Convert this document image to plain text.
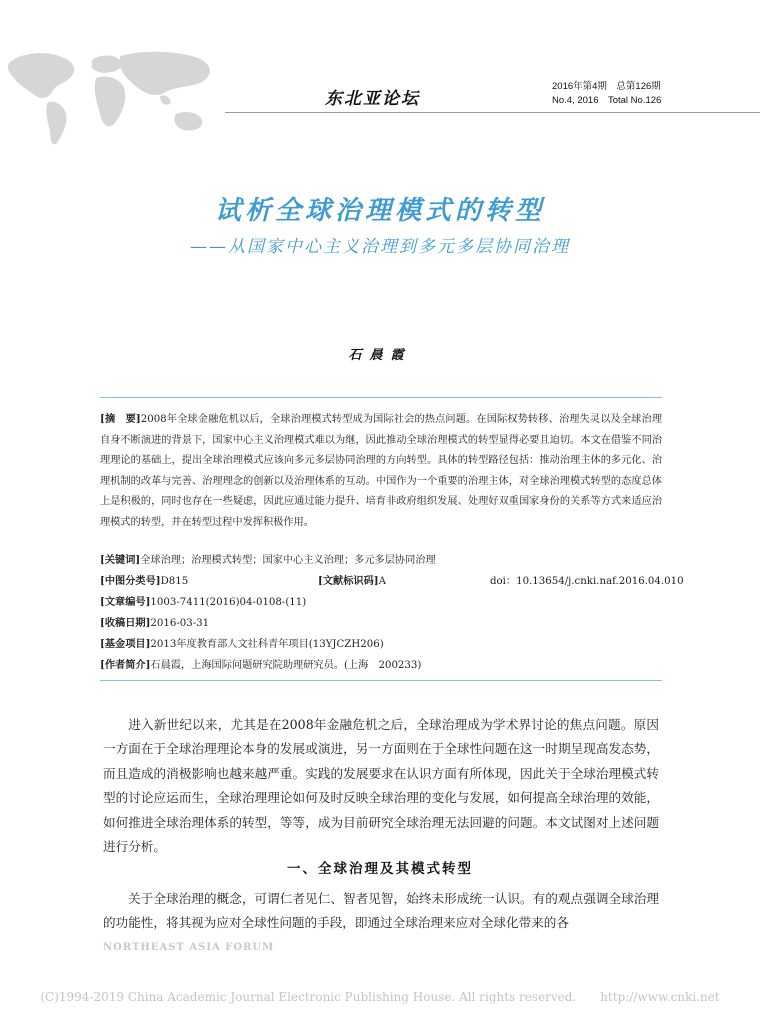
东北亚论坛
2016年第4期　总第126期
No.4, 2016　Total No.126
试析全球治理模式的转型
——从国家中心主义治理到多元多层协同治理
石晨霞
[摘　要]2008年全球金融危机以后，全球治理模式转型成为国际社会的热点问题。在国际权势转移、治理失灵以及全球治理自身不断演进的背景下，国家中心主义治理模式难以为继，因此推动全球治理模式的转型显得必要且迫切。本文在借鉴不同治理理论的基础上，提出全球治理模式应该向多元多层协同治理的方向转型。具体的转型路径包括：推动治理主体的多元化、治理机制的改革与完善、治理理念的创新以及治理体系的互动。中国作为一个重要的治理主体，对全球治理模式转型的态度总体上是积极的，同时也存在一些疑虑，因此应通过能力提升、培育非政府组织发展、处理好双重国家身份的关系等方式来适应治理模式的转型，并在转型过程中发挥积极作用。
[关键词]全球治理；治理模式转型；国家中心主义治理；多元多层协同治理
[中图分类号]D815	[文献标识码]A	doi：10.13654/j.cnki.naf.2016.04.010
[文章编号]1003-7411(2016)04-0108-(11)
[收稿日期]2016-03-31
[基金项目]2013年度教育部人文社科青年项目(13YJCZH206)
[作者简介]石晨霞，上海国际问题研究院助理研究员。(上海　200233)
进入新世纪以来，尤其是在2008年金融危机之后，全球治理成为学术界讨论的焦点问题。原因一方面在于全球治理理论本身的发展或演进，另一方面则在于全球性问题在这一时期呈现高发态势，而且造成的消极影响也越来越严重。实践的发展要求在认识方面有所体现，因此关于全球治理模式转型的讨论应运而生，全球治理理论如何及时反映全球治理的变化与发展，如何提高全球治理的效能，如何推进全球治理体系的转型，等等，成为目前研究全球治理无法回避的问题。本文试图对上述问题进行分析。
一、全球治理及其模式转型
关于全球治理的概念，可谓仁者见仁、智者见智，始终未形成统一认识。有的观点强调全球治理的功能性，将其视为应对全球性问题的手段，即通过全球治理来应对全球化带来的各
NORTHEAST ASIA FORUM
(C)1994-2019 China Academic Journal Electronic Publishing House. All rights reserved.　　http://www.cnki.net
